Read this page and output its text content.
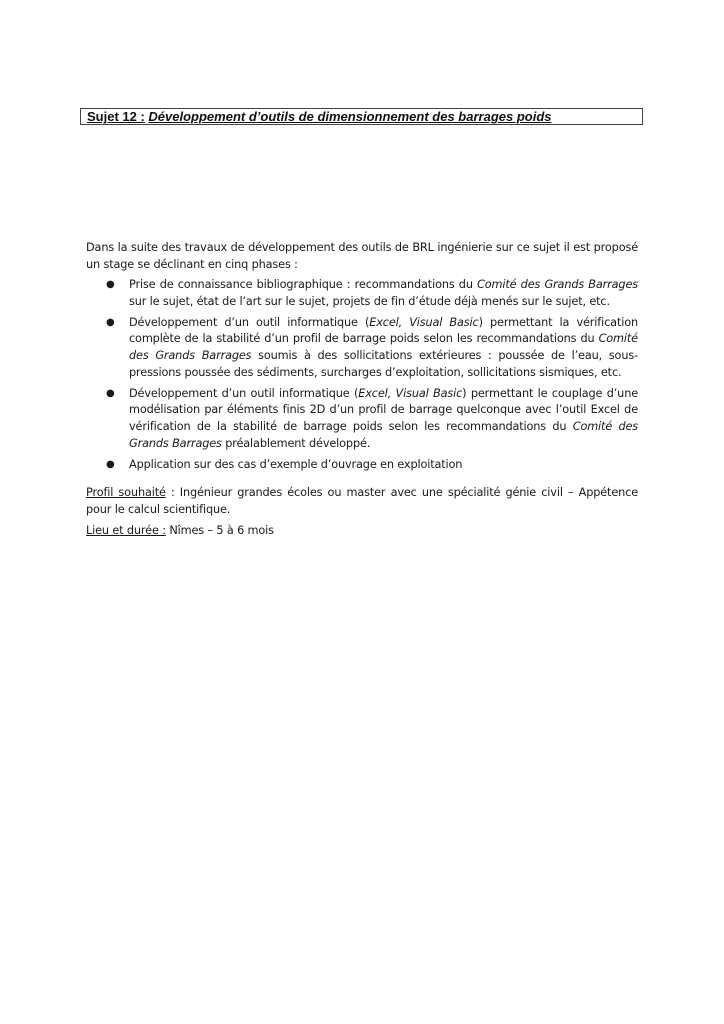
Sujet 12 : Développement d’outils de dimensionnement des barrages poids

Dans la suite des travaux de développement des outils de BRL ingénierie sur ce sujet il est proposé un stage se déclinant en cinq phases :

● Prise de connaissance bibliographique : recommandations du Comité des Grands Barrages sur le sujet, état de l’art sur le sujet, projets de fin d’étude déjà menés sur le sujet, etc.
● Développement d’un outil informatique (Excel, Visual Basic) permettant la vérification complète de la stabilité d’un profil de barrage poids selon les recommandations du Comité des Grands Barrages soumis à des sollicitations extérieures : poussée de l’eau, sous-pressions poussée des sédiments, surcharges d’exploitation, sollicitations sismiques, etc.
● Développement d’un outil informatique (Excel, Visual Basic) permettant le couplage d’une modélisation par éléments finis 2D d’un profil de barrage quelconque avec l’outil Excel de vérification de la stabilité de barrage poids selon les recommandations du Comité des Grands Barrages préalablement développé.
● Application sur des cas d’exemple d’ouvrage en exploitation

Profil souhaité : Ingénieur grandes écoles ou master avec une spécialité génie civil – Appétence pour le calcul scientifique.

Lieu et durée : Nîmes – 5 à 6 mois
